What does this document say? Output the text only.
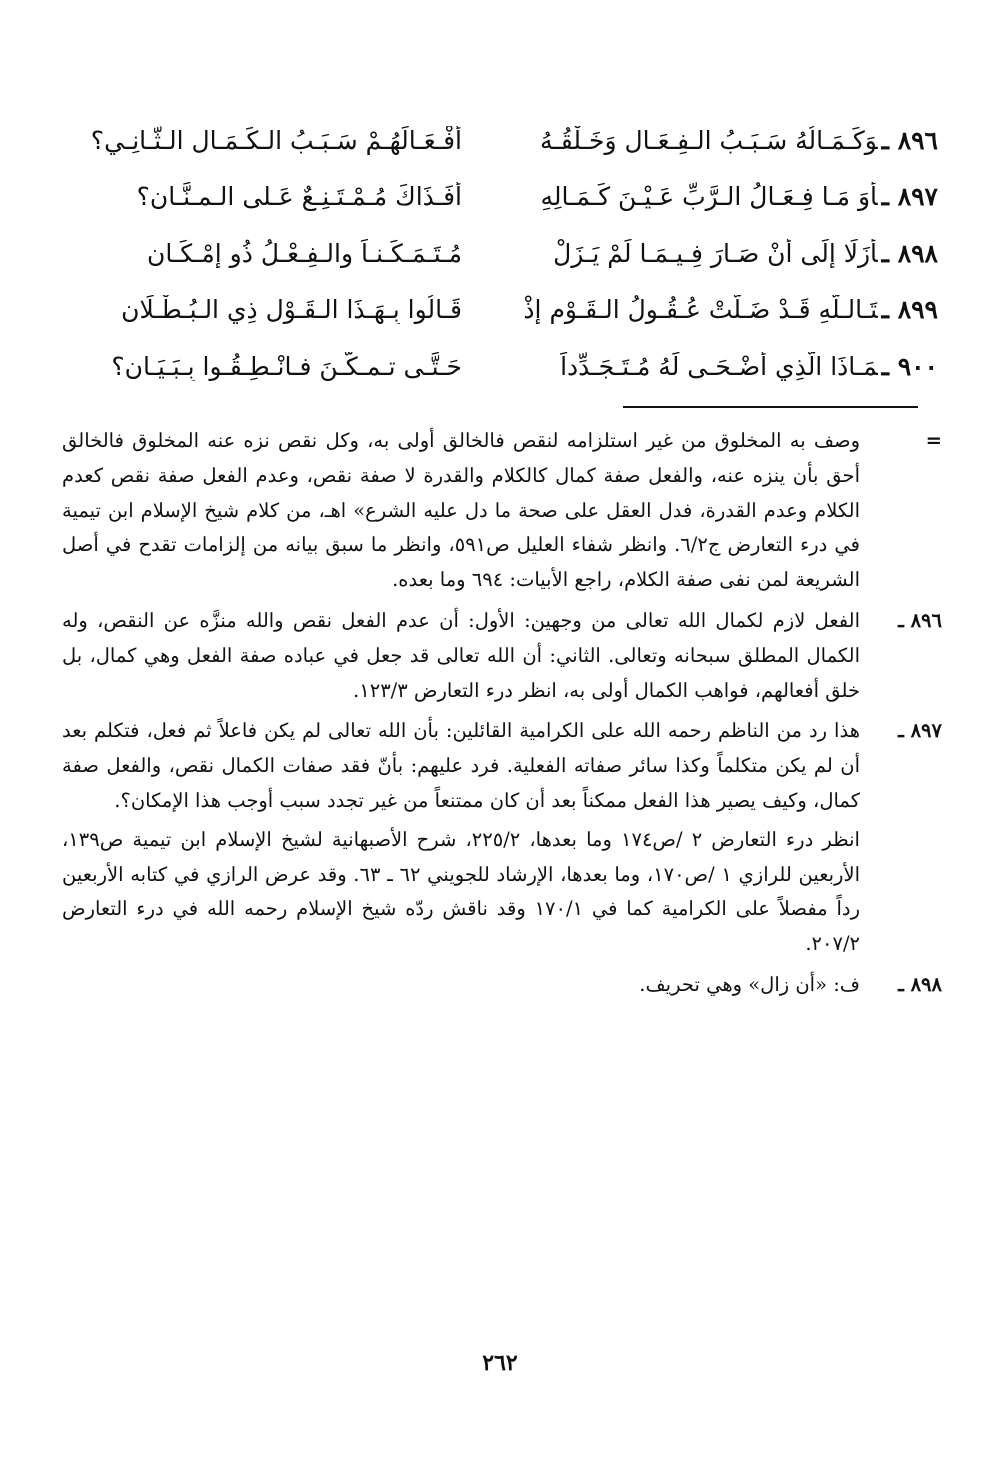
٨٩٦ ـوَكَـمَـالُهُ سَـبَـبُ الـفِـعَـالِ وَخَـلْقُـهُ
أَفْـعَـالَهُـمْ سَـبَـبُ الـكَـمَـالِ الـثَّـانِـي؟
٨٩٧ ـأَوَ مَـا فِـعَـالُ الـرَّبِّ عَـيْـنَ كَـمَـالِهِ
أَفَـذَاكَ مُـمْـتَـنِـعٌ عَـلى الـمـنَّـانِ؟
٨٩٨ ـأَزَلًا إِلَى أَنْ صَـارَ فِـيـمَـا لَمْ يَـزَلْ
مُـتَـمَـكِّـنـاً والـفِـعْـلُ ذُو إِمْـكَـانِ
٨٩٩ ـتَـالـلَّهِ قَـدْ ضَـلَّتْ عُـقُـولُ الـقَـوْمِ إِذْ
قَـالُوا بِـهَـذَا الـقَـوْلِ ذِي الـبُـطْـلَانِ
٩٠٠ ـمَـاذَا الَّذِي أَضْـحَـى لَهُ مُـتَـجَـدِّداً
حَـتَّـى تـمـكَّـنَ فـانْـطِـقُـوا بِـبَـيَـانِ؟
=

وصف به المخلوق من غير استلزامه لنقص فالخالق أولى به، وكل نقص نزه عنه المخلوق فالخالق أحق بأن ينزه عنه، والفعل صفة كمال كالكلام والقدرة لا صفة نقص، وعدم الفعل صفة نقص كعدم الكلام وعدم القدرة، فدل العقل على صحة ما دل عليه الشرع» اهـ، من كلام شيخ الإسلام ابن تيمية في درء التعارض ج٦/٢. وانظر شفاء العليل ص٥٩١، وانظر ما سبق بيانه من إلزامات تقدح في أصل الشريعة لمن نفى صفة الكلام، راجع الأبيات: ٦٩٤ وما بعده.

٨٩٦ ـ

الفعل لازم لكمال الله تعالى من وجهين: الأول: أن عدم الفعل نقص والله منزَّه عن النقص، وله الكمال المطلق سبحانه وتعالى. الثاني: أن الله تعالى قد جعل في عباده صفة الفعل وهي كمال، بل خلق أفعالهم، فواهب الكمال أولى به، انظر درء التعارض ١٢٣/٣.

٨٩٧ ـ

هذا رد من الناظم رحمه الله على الكرامية القائلين: بأن الله تعالى لم يكن فاعلاً ثم فعل، فتكلم بعد أن لم يكن متكلماً وكذا سائر صفاته الفعلية. فرد عليهم: بأنّ فقد صفات الكمال نقص، والفعل صفة كمال، وكيف يصير هذا الفعل ممكناً بعد أن كان ممتنعاً من غير تجدد سبب أوجب هذا الإمكان؟.

انظر درء التعارض ٢ /ص١٧٤ وما بعدها، ٢٢٥/٢، شرح الأصبهانية لشيخ الإسلام ابن تيمية ص١٣٩، الأربعين للرازي ١ /ص١٧٠، وما بعدها، الإرشاد للجويني ٦٢ ـ ٦٣. وقد عرض الرازي في كتابه الأربعين رداً مفصلاً على الكرامية كما في ١٧٠/١ وقد ناقش ردّه شيخ الإسلام رحمه الله في درء التعارض ٢٠٧/٢.

٨٩٨ ـ

ف: «أن زال» وهي تحريف.

٢٦٢
